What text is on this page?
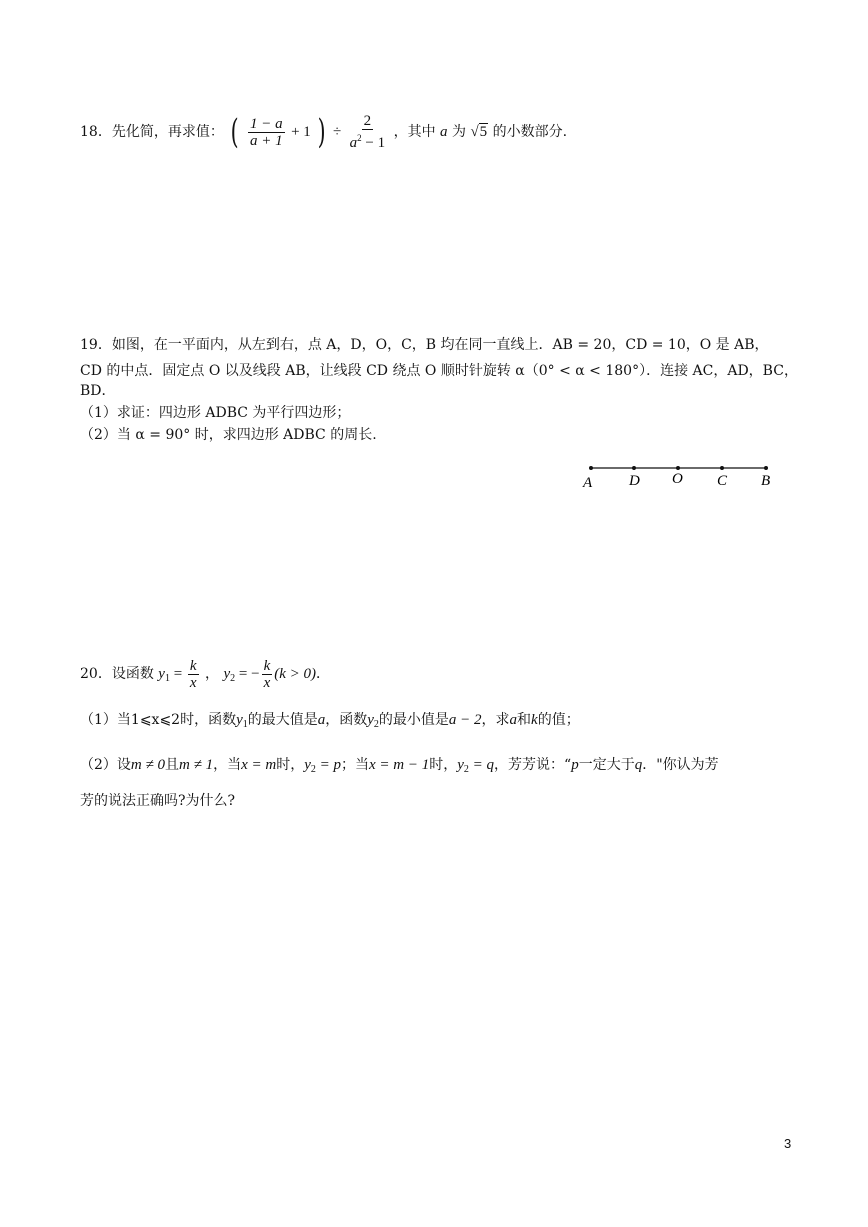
18．先化简，再求值： ( $\frac{1 - a}{a + 1} + 1$ ) ÷ $\frac{2}{a^2 - 1}$ ，其中 a 为 √5 的小数部分.
19．如图，在一平面内，从左到右，点 A，D，O，C，B 均在同一直线上．AB = 20，CD = 10，O 是 AB，
CD 的中点．固定点 O 以及线段 AB，让线段 CD 绕点 O 顺时针旋转 α（0° < α < 180°）．连接 AC，AD，BC，
BD．
（1）求证：四边形 ADBC 为平行四边形；
（2）当 α = 90° 时，求四边形 ADBC 的周长.
A D O C B
20．设函数 $y_1 = \frac{k}{x}$ ， $y_2$ = − $\frac{k}{x} (k > 0)$．
（1）当1⩽x⩽2时，函数$y_1$的最大值是a，函数$y_2$的最小值是a − 2，求a和k的值；
（2）设m ≠ 0且m ≠ 1，当x = m时，$y_2 = p$；当x = m − 1时，$y_2 = q$，芳芳说：“p一定大于q．"你认为芳
芳的说法正确吗?为什么?
3
